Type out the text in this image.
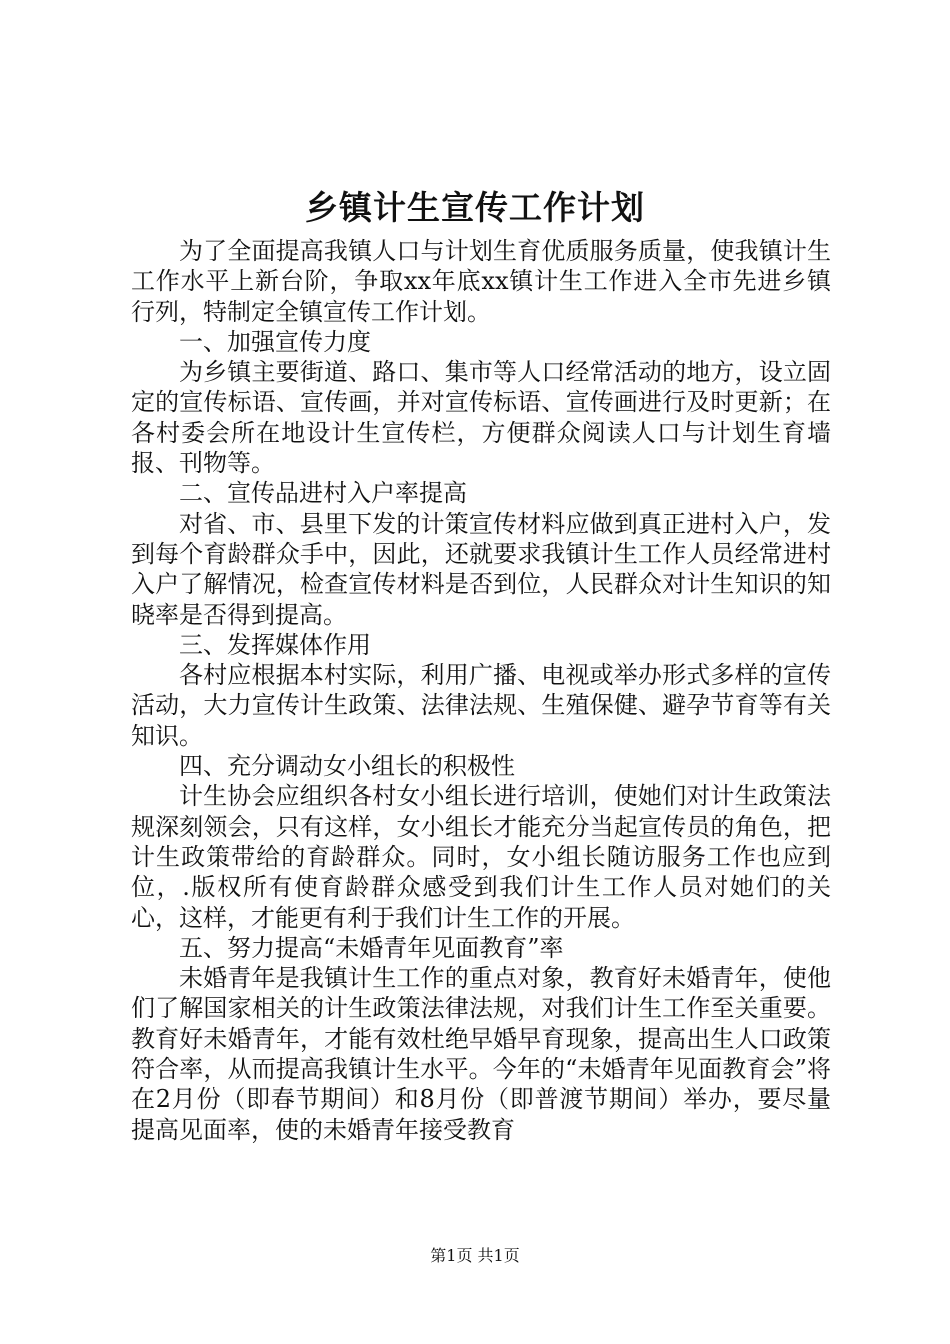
乡镇计生宣传工作计划

为了全面提高我镇人口与计划生育优质服务质量，使我镇计生工作水平上新台阶，争取xx年底xx镇计生工作进入全市先进乡镇行列，特制定全镇宣传工作计划。

一、加强宣传力度

为乡镇主要街道、路口、集市等人口经常活动的地方，设立固定的宣传标语、宣传画，并对宣传标语、宣传画进行及时更新；在各村委会所在地设计生宣传栏，方便群众阅读人口与计划生育墙报、刊物等。

二、宣传品进村入户率提高

对省、市、县里下发的计策宣传材料应做到真正进村入户，发到每个育龄群众手中，因此，还就要求我镇计生工作人员经常进村入户了解情况，检查宣传材料是否到位，人民群众对计生知识的知晓率是否得到提高。

三、发挥媒体作用

各村应根据本村实际，利用广播、电视或举办形式多样的宣传活动，大力宣传计生政策、法律法规、生殖保健、避孕节育等有关知识。

四、充分调动女小组长的积极性

计生协会应组织各村女小组长进行培训，使她们对计生政策法规深刻领会，只有这样，女小组长才能充分当起宣传员的角色，把计生政策带给的育龄群众。同时，女小组长随访服务工作也应到位，.版权所有使育龄群众感受到我们计生工作人员对她们的关心，这样，才能更有利于我们计生工作的开展。

五、努力提高“未婚青年见面教育”率

未婚青年是我镇计生工作的重点对象，教育好未婚青年，使他们了解国家相关的计生政策法律法规，对我们计生工作至关重要。教育好未婚青年，才能有效杜绝早婚早育现象，提高出生人口政策符合率，从而提高我镇计生水平。今年的“未婚青年见面教育会”将在2月份（即春节期间）和8月份（即普渡节期间）举办，要尽量提高见面率，使的未婚青年接受教育

第1页 共1页
